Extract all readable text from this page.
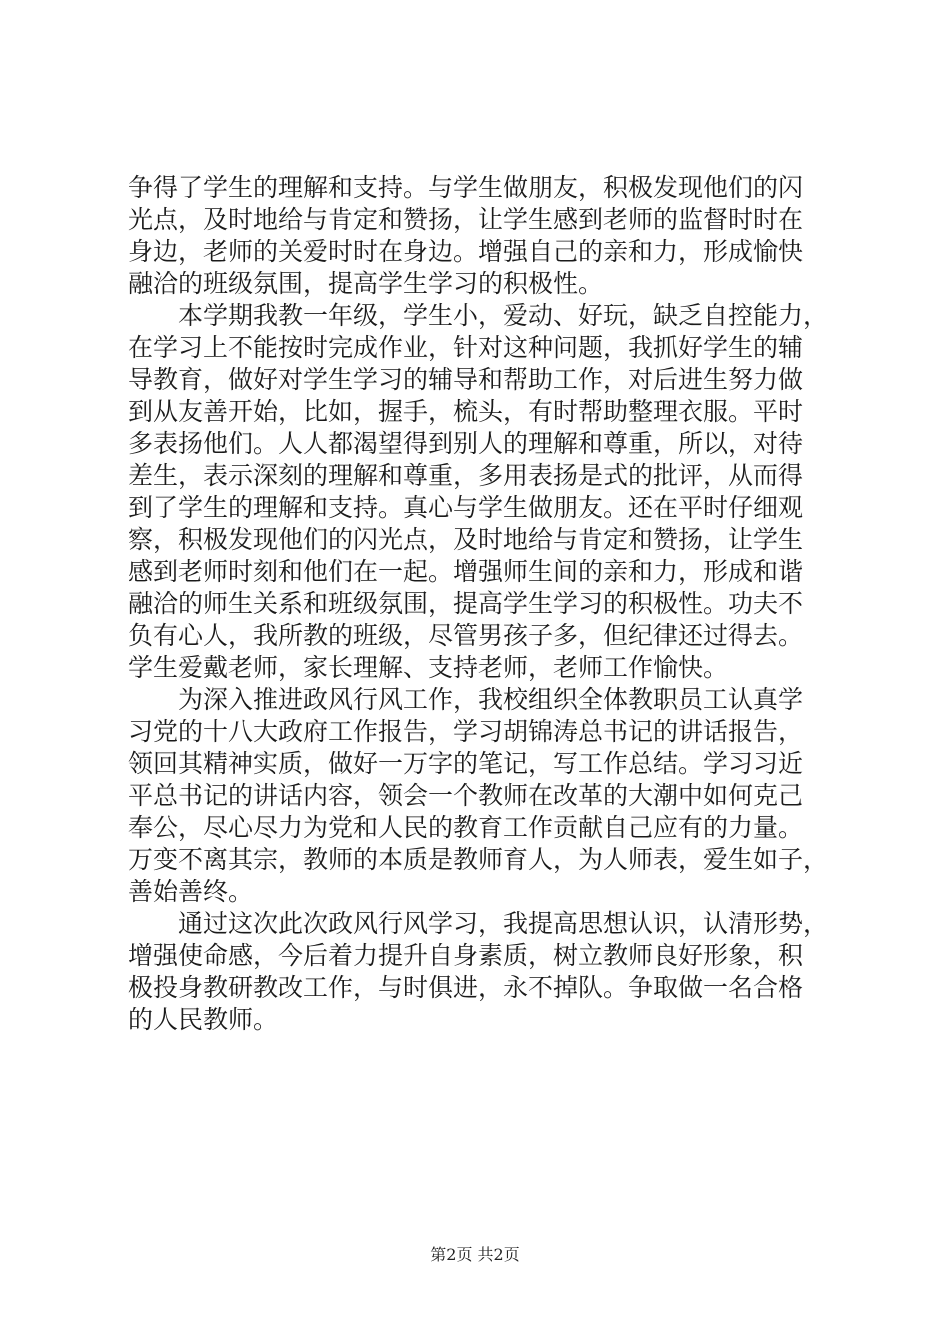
争得了学生的理解和支持。与学生做朋友，积极发现他们的闪
光点，及时地给与肯定和赞扬，让学生感到老师的监督时时在
身边，老师的关爱时时在身边。增强自己的亲和力，形成愉快
融洽的班级氛围，提高学生学习的积极性。
　　本学期我教一年级，学生小，爱动、好玩，缺乏自控能力，
在学习上不能按时完成作业，针对这种问题，我抓好学生的辅
导教育，做好对学生学习的辅导和帮助工作，对后进生努力做
到从友善开始，比如，握手，梳头，有时帮助整理衣服。平时
多表扬他们。人人都渴望得到别人的理解和尊重，所以，对待
差生，表示深刻的理解和尊重，多用表扬是式的批评，从而得
到了学生的理解和支持。真心与学生做朋友。还在平时仔细观
察，积极发现他们的闪光点，及时地给与肯定和赞扬，让学生
感到老师时刻和他们在一起。增强师生间的亲和力，形成和谐
融洽的师生关系和班级氛围，提高学生学习的积极性。功夫不
负有心人，我所教的班级，尽管男孩子多，但纪律还过得去。
学生爱戴老师，家长理解、支持老师，老师工作愉快。
　　为深入推进政风行风工作，我校组织全体教职员工认真学
习党的十八大政府工作报告，学习胡锦涛总书记的讲话报告，
领回其精神实质，做好一万字的笔记，写工作总结。学习习近
平总书记的讲话内容，领会一个教师在改革的大潮中如何克己
奉公，尽心尽力为党和人民的教育工作贡献自己应有的力量。
万变不离其宗，教师的本质是教师育人，为人师表，爱生如子，
善始善终。
　　通过这次此次政风行风学习，我提高思想认识，认清形势，
增强使命感，今后着力提升自身素质，树立教师良好形象，积
极投身教研教改工作，与时俱进，永不掉队。争取做一名合格
的人民教师。
第2页 共2页
